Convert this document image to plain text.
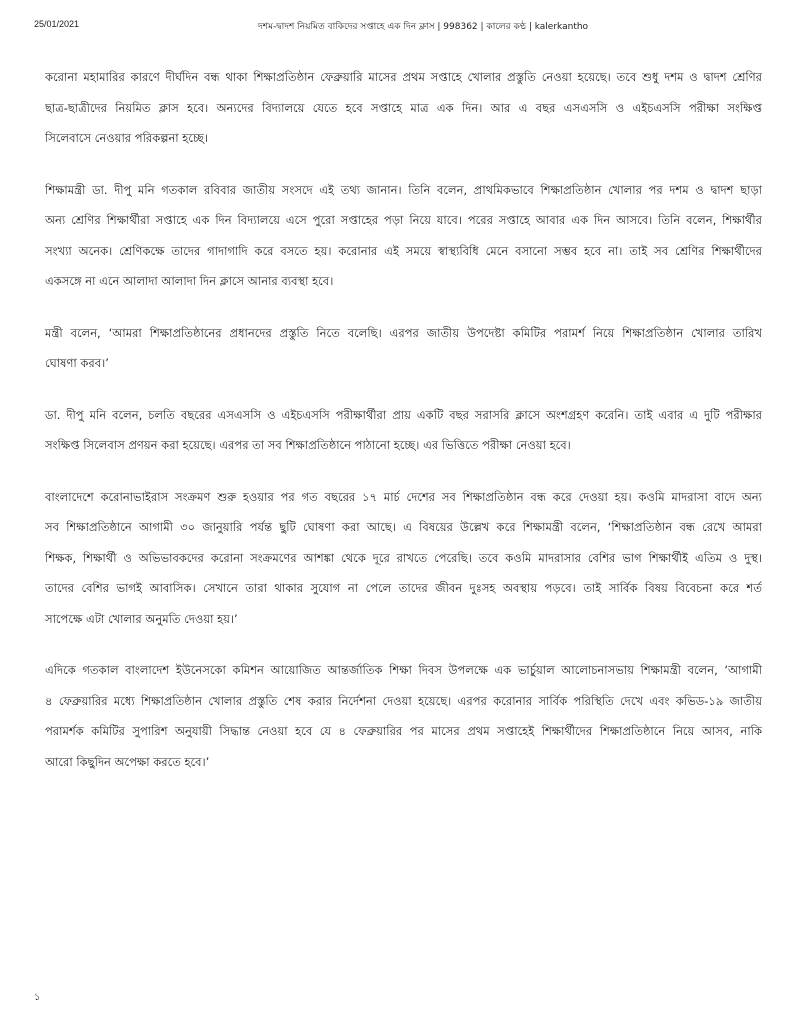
25/01/2021	দশম-দ্বাদশ নিয়মিত বাকিদের সপ্তাহে এক দিন ক্লাস | 998362 | কালের কণ্ঠ | kalerkantho
করোনা মহামারির কারণে দীর্ঘদিন বন্ধ থাকা শিক্ষাপ্রতিষ্ঠান ফেব্রুয়ারি মাসের প্রথম সপ্তাহে খোলার প্রস্তুতি নেওয়া হয়েছে। তবে শুধু দশম ও দ্বাদশ শ্রেণির
ছাত্র-ছাত্রীদের নিয়মিত ক্লাস হবে। অন্যদের বিদ্যালয়ে যেতে হবে সপ্তাহে মাত্র এক দিন। আর এ বছর এসএসসি ও এইচএসসি পরীক্ষা সংক্ষিপ্ত
সিলেবাসে নেওয়ার পরিকল্পনা হচ্ছে।
শিক্ষামন্ত্রী ডা. দীপু মনি গতকাল রবিবার জাতীয় সংসদে এই তথ্য জানান। তিনি বলেন, প্রাথমিকভাবে শিক্ষাপ্রতিষ্ঠান খোলার পর দশম ও দ্বাদশ ছাড়া
অন্য শ্রেণির শিক্ষার্থীরা সপ্তাহে এক দিন বিদ্যালয়ে এসে পুরো সপ্তাহের পড়া নিয়ে যাবে। পরের সপ্তাহে আবার এক দিন আসবে। তিনি বলেন, শিক্ষার্থীর
সংখ্যা অনেক। শ্রেণিকক্ষে তাদের গাদাগাদি করে বসতে হয়। করোনার এই সময়ে স্বাস্থ্যবিধি মেনে বসানো সম্ভব হবে না। তাই সব শ্রেণির শিক্ষার্থীদের
একসঙ্গে না এনে আলাদা আলাদা দিন ক্লাসে আনার ব্যবস্থা হবে।
মন্ত্রী বলেন, ‘আমরা শিক্ষাপ্রতিষ্ঠানের প্রধানদের প্রস্তুতি নিতে বলেছি। এরপর জাতীয় উপদেষ্টা কমিটির পরামর্শ নিয়ে শিক্ষাপ্রতিষ্ঠান খোলার তারিখ
ঘোষণা করব।’
ডা. দীপু মনি বলেন, চলতি বছরের এসএসসি ও এইচএসসি পরীক্ষার্থীরা প্রায় একটি বছর সরাসরি ক্লাসে অংশগ্রহণ করেনি। তাই এবার এ দুটি পরীক্ষার
সংক্ষিপ্ত সিলেবাস প্রণয়ন করা হয়েছে। এরপর তা সব শিক্ষাপ্রতিষ্ঠানে পাঠানো হচ্ছে। এর ভিত্তিতে পরীক্ষা নেওয়া হবে।
বাংলাদেশে করোনাভাইরাস সংক্রমণ শুরু হওয়ার পর গত বছরের ১৭ মার্চ দেশের সব শিক্ষাপ্রতিষ্ঠান বন্ধ করে দেওয়া হয়। কওমি মাদরাসা বাদে অন্য
সব শিক্ষাপ্রতিষ্ঠানে আগামী ৩০ জানুয়ারি পর্যন্ত ছুটি ঘোষণা করা আছে। এ বিষয়ের উল্লেখ করে শিক্ষামন্ত্রী বলেন, ‘শিক্ষাপ্রতিষ্ঠান বন্ধ রেখে আমরা
শিক্ষক, শিক্ষার্থী ও অভিভাবকদের করোনা সংক্রমণের আশঙ্কা থেকে দূরে রাখতে পেরেছি। তবে কওমি মাদরাসার বেশির ভাগ শিক্ষার্থীই এতিম ও দুস্থ।
তাদের বেশির ভাগই আবাসিক। সেখানে তারা থাকার সুযোগ না পেলে তাদের জীবন দুঃসহ অবস্থায় পড়বে। তাই সার্বিক বিষয় বিবেচনা করে শর্ত
সাপেক্ষে এটা খোলার অনুমতি দেওয়া হয়।’
এদিকে গতকাল বাংলাদেশ ইউনেসকো কমিশন আয়োজিত আন্তর্জাতিক শিক্ষা দিবস উপলক্ষে এক ভার্চুয়াল আলোচনাসভায় শিক্ষামন্ত্রী বলেন, ‘আগামী
৪ ফেব্রুয়ারির মধ্যে শিক্ষাপ্রতিষ্ঠান খোলার প্রস্তুতি শেষ করার নির্দেশনা দেওয়া হয়েছে। এরপর করোনার সার্বিক পরিস্থিতি দেখে এবং কভিড-১৯ জাতীয়
পরামর্শক কমিটির সুপারিশ অনুযায়ী সিদ্ধান্ত নেওয়া হবে যে ৪ ফেব্রুয়ারির পর মাসের প্রথম সপ্তাহেই শিক্ষার্থীদের শিক্ষাপ্রতিষ্ঠানে নিয়ে আসব, নাকি
আরো কিছুদিন অপেক্ষা করতে হবে।’
১
